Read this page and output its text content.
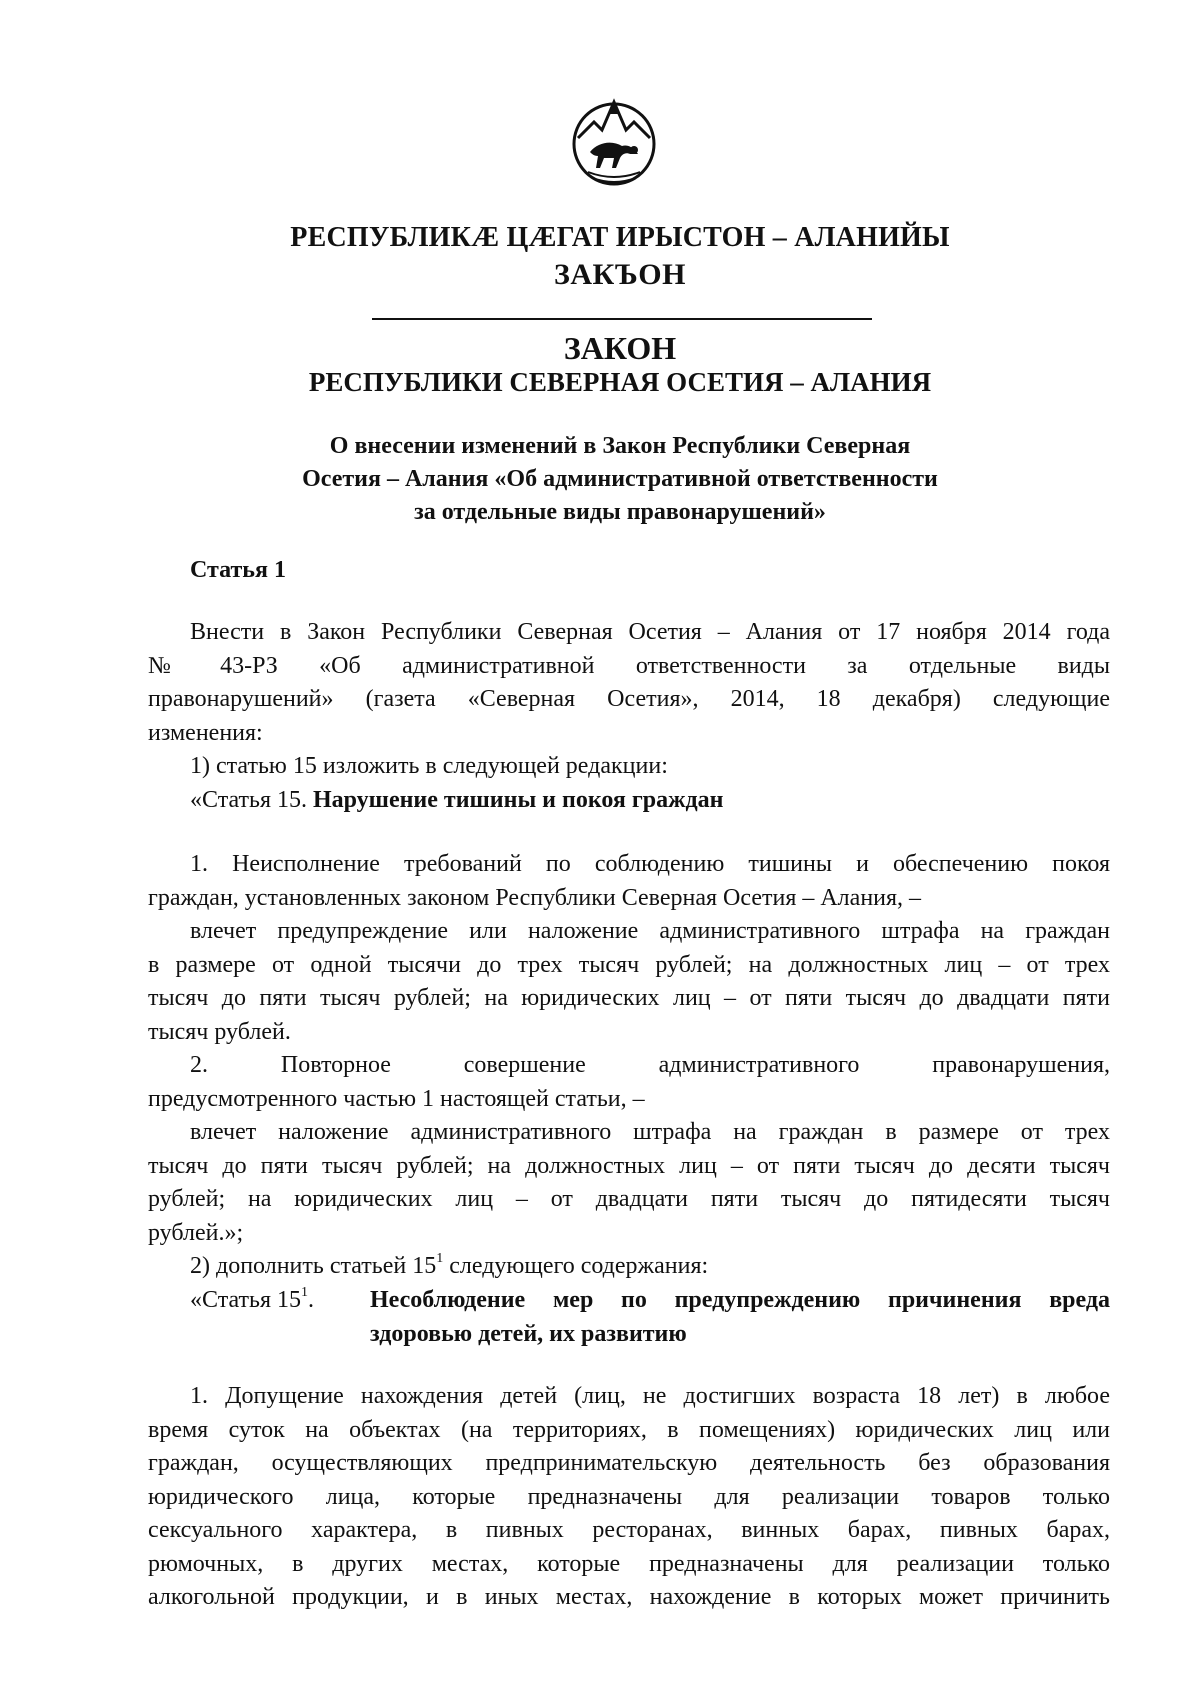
РЕСПУБЛИКÆ ЦÆГАТ ИРЫСТОН – АЛАНИЙЫ
ЗАКЪОН
ЗАКОН
РЕСПУБЛИКИ СЕВЕРНАЯ ОСЕТИЯ – АЛАНИЯ
О внесении изменений в Закон Республики Северная
Осетия – Алания «Об административной ответственности
за отдельные виды правонарушений»
Статья 1
Внести в Закон Республики Северная Осетия – Алания от 17 ноября 2014 года
№   43-РЗ   «Об   административной   ответственности   за   отдельные   виды
правонарушений» (газета «Северная Осетия», 2014, 18 декабря) следующие
изменения:
1) статью 15 изложить в следующей редакции:
«Статья 15. Нарушение тишины и покоя граждан
1. Неисполнение требований по соблюдению тишины и обеспечению покоя
граждан, установленных законом Республики Северная Осетия – Алания, –
влечет предупреждение или наложение административного штрафа на граждан
в размере от одной тысячи до трех тысяч рублей; на должностных лиц – от трех
тысяч до пяти тысяч рублей; на юридических лиц – от пяти тысяч до двадцати пяти
тысяч рублей.
2.   Повторное   совершение   административного   правонарушения,
предусмотренного частью 1 настоящей статьи, –
влечет наложение административного штрафа на граждан в размере от трех
тысяч до пяти тысяч рублей; на должностных лиц – от пяти тысяч до десяти тысяч
рублей; на юридических лиц – от двадцати пяти тысяч до пятидесяти тысяч
рублей.»;
2) дополнить статьей $15^1$ следующего содержания:
«Статья $15^1$. Несоблюдение мер по предупреждению причинения вреда
здоровью детей, их развитию
1. Допущение нахождения детей (лиц, не достигших возраста 18 лет) в любое
время суток на объектах (на территориях, в помещениях) юридических лиц или
граждан, осуществляющих предпринимательскую деятельность без образования
юридического лица, которые предназначены для реализации товаров только
сексуального характера, в пивных ресторанах, винных барах, пивных барах,
рюмочных, в других местах, которые предназначены для реализации только
алкогольной продукции, и в иных местах, нахождение в которых может причинить
